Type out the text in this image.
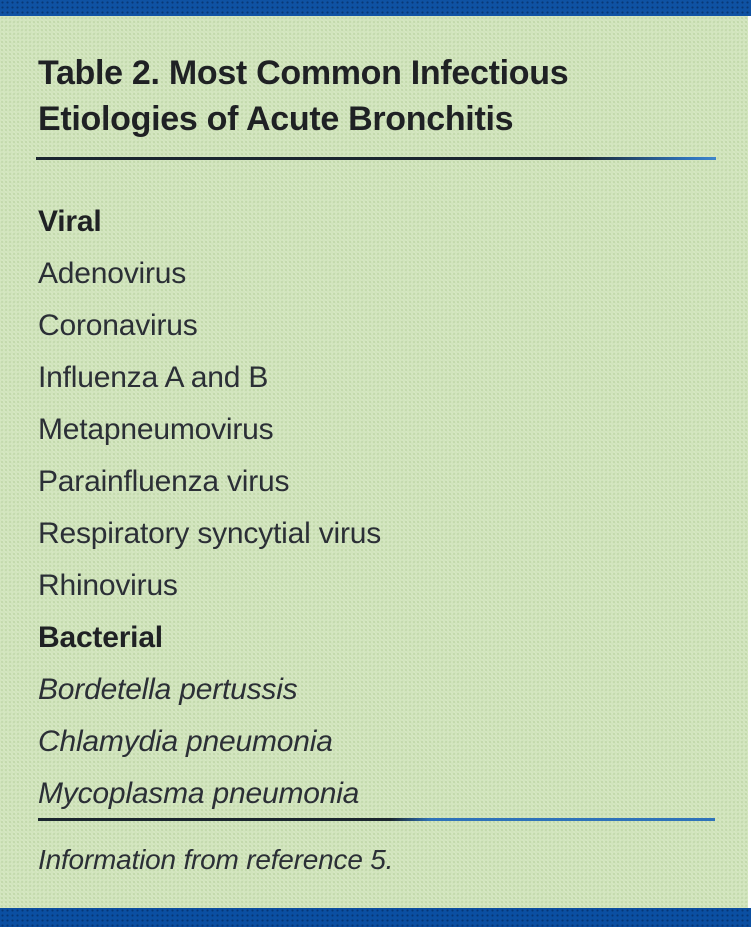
Table 2. Most Common Infectious
Etiologies of Acute Bronchitis
Viral
Adenovirus
Coronavirus
Influenza A and B
Metapneumovirus
Parainfluenza virus
Respiratory syncytial virus
Rhinovirus
Bacterial
Bordetella pertussis
Chlamydia pneumonia
Mycoplasma pneumonia
Information from reference 5.
